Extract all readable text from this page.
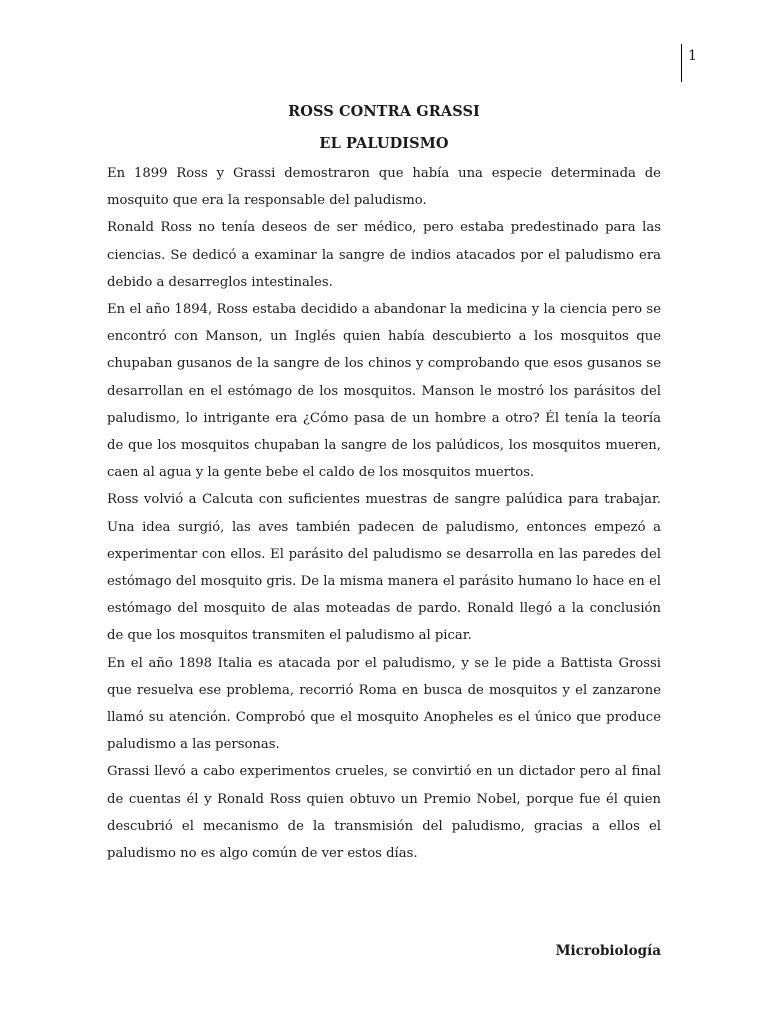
1
ROSS CONTRA GRASSI
EL PALUDISMO

En 1899 Ross y Grassi demostraron que había una especie determinada de mosquito que era la responsable del paludismo.

Ronald Ross no tenía deseos de ser médico, pero estaba predestinado para las ciencias. Se dedicó a examinar la sangre de indios atacados por el paludismo era debido a desarreglos intestinales.

En el año 1894, Ross estaba decidido a abandonar la medicina y la ciencia pero se encontró con Manson, un Inglés quien había descubierto a los mosquitos que chupaban gusanos de la sangre de los chinos y comprobando que esos gusanos se desarrollan en el estómago de los mosquitos. Manson le mostró los parásitos del paludismo, lo intrigante era ¿Cómo pasa de un hombre a otro? Él tenía la teoría de que los mosquitos chupaban la sangre de los palúdicos, los mosquitos mueren, caen al agua y la gente bebe el caldo de los mosquitos muertos.

Ross volvió a Calcuta con suficientes muestras de sangre palúdica para trabajar. Una idea surgió, las aves también padecen de paludismo, entonces empezó a experimentar con ellos. El parásito del paludismo se desarrolla en las paredes del estómago del mosquito gris. De la misma manera el parásito humano lo hace en el estómago del mosquito de alas moteadas de pardo. Ronald llegó a la conclusión de que los mosquitos transmiten el paludismo al picar.

En el año 1898 Italia es atacada por el paludismo, y se le pide a Battista Grossi que resuelva ese problema, recorrió Roma en busca de mosquitos y el zanzarone llamó su atención. Comprobó que el mosquito Anopheles es el único que produce paludismo a las personas.

Grassi llevó a cabo experimentos crueles, se convirtió en un dictador pero al final de cuentas él y Ronald Ross quien obtuvo un Premio Nobel, porque fue él quien descubrió el mecanismo de la transmisión del paludismo, gracias a ellos el paludismo no es algo común de ver estos días.

Microbiología
